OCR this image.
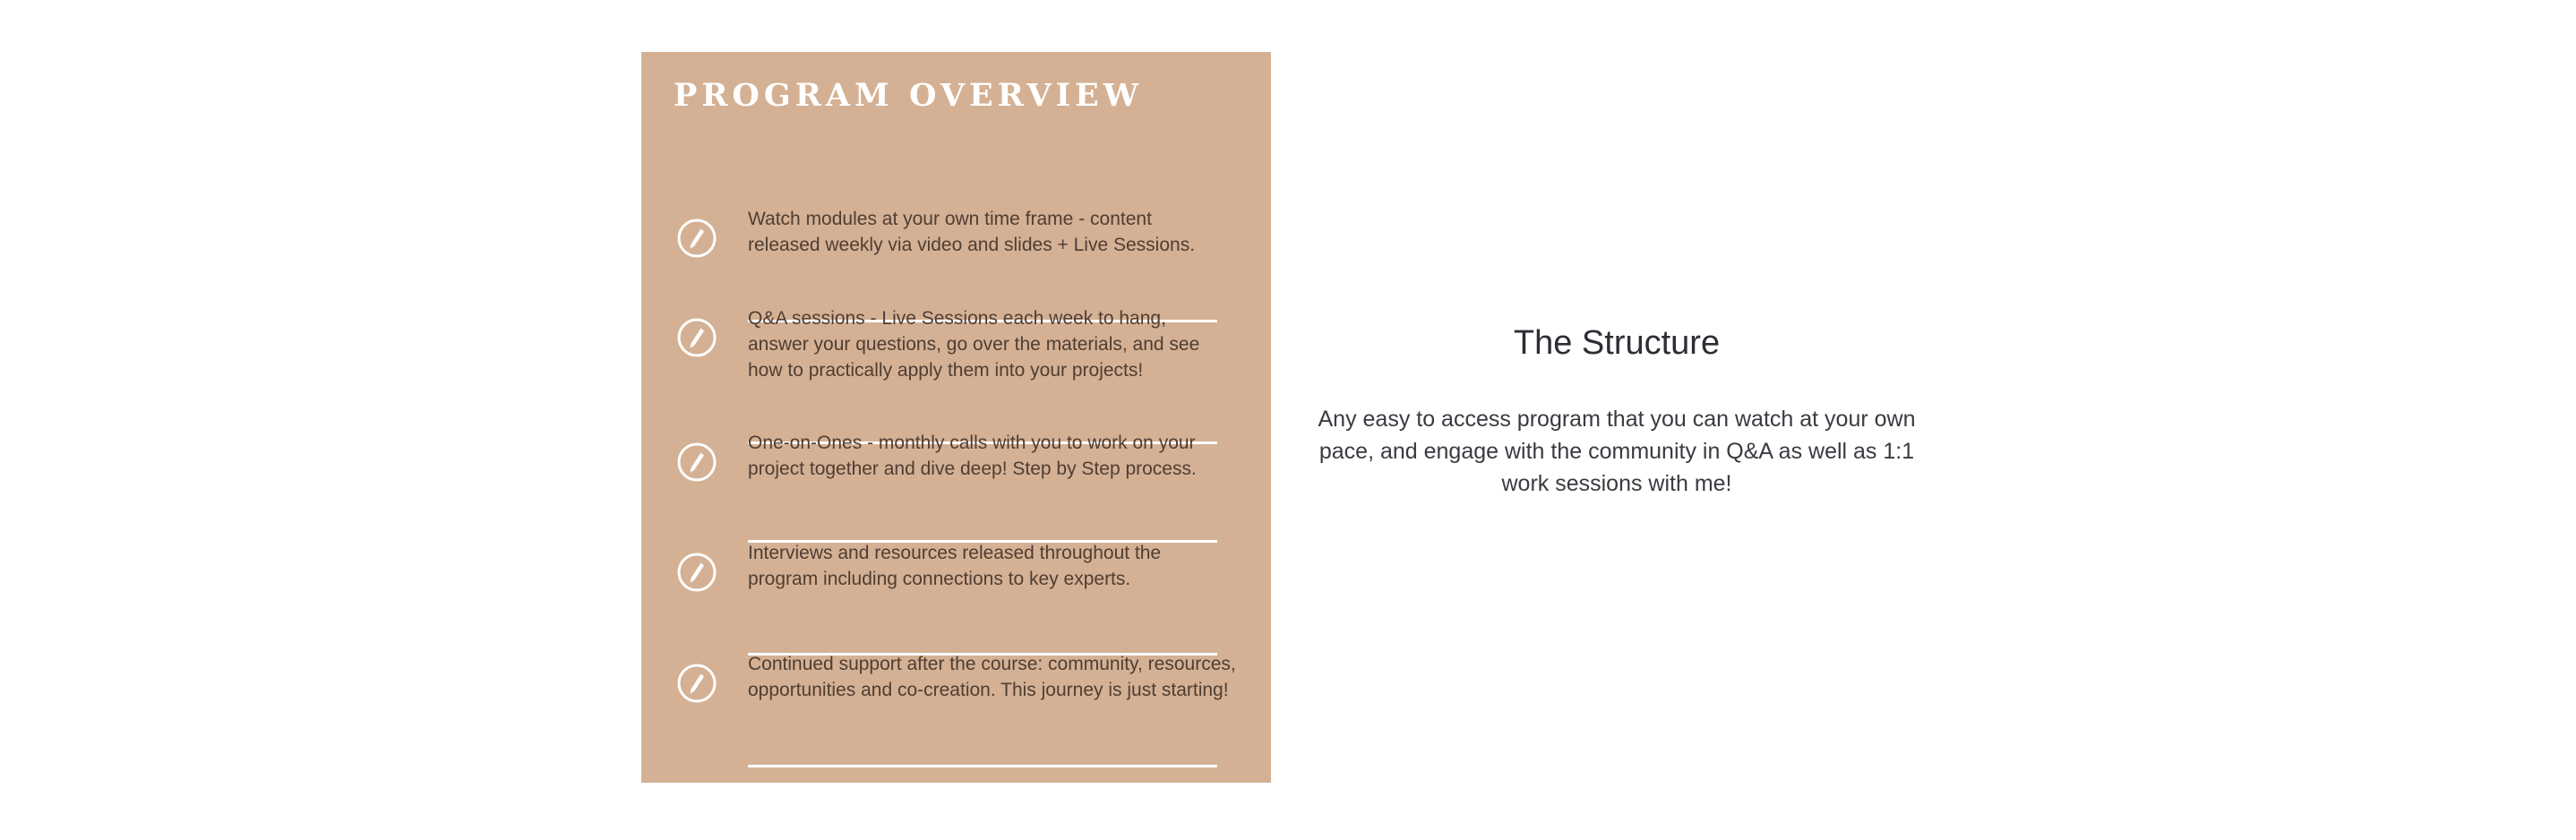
PROGRAM OVERVIEW
Watch modules at your own time frame - content
released weekly via video and slides + Live Sessions.
Q&A sessions - Live Sessions each week to hang,
answer your questions, go over the materials, and see
how to practically apply them into your projects!
One-on-Ones - monthly calls with you to work on your
project together and dive deep! Step by Step process.
Interviews and resources released throughout the
program including connections to key experts.
Continued support after the course: community, resources,
opportunities and co-creation. This journey is just starting!
The Structure
Any easy to access program that you can watch at your own
pace, and engage with the community in Q&A as well as 1:1
work sessions with me!
